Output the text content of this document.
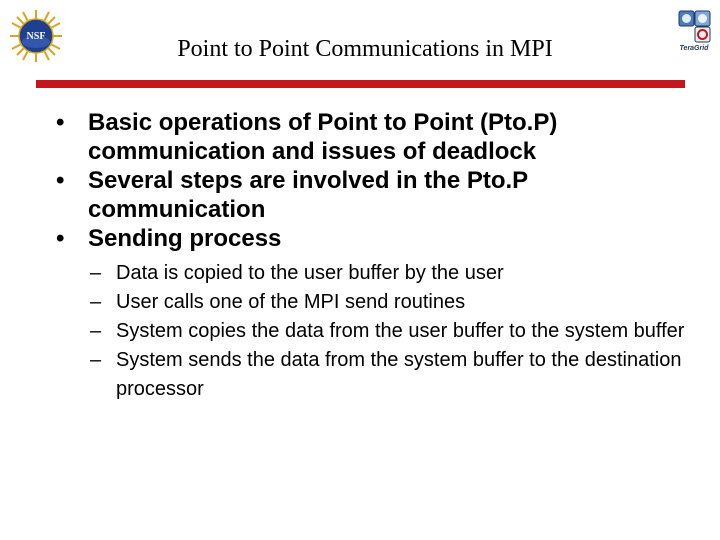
NSF	Point to Point Communications in MPI	TeraGrid
• Basic operations of Point to Point (Pto.P) communication and issues of deadlock
• Several steps are involved in the Pto.P communication
• Sending process
– Data is copied to the user buffer by the user
– User calls one of the MPI send routines
– System copies the data from the user buffer to the system buffer
– System sends the data from the system buffer to the destination processor
